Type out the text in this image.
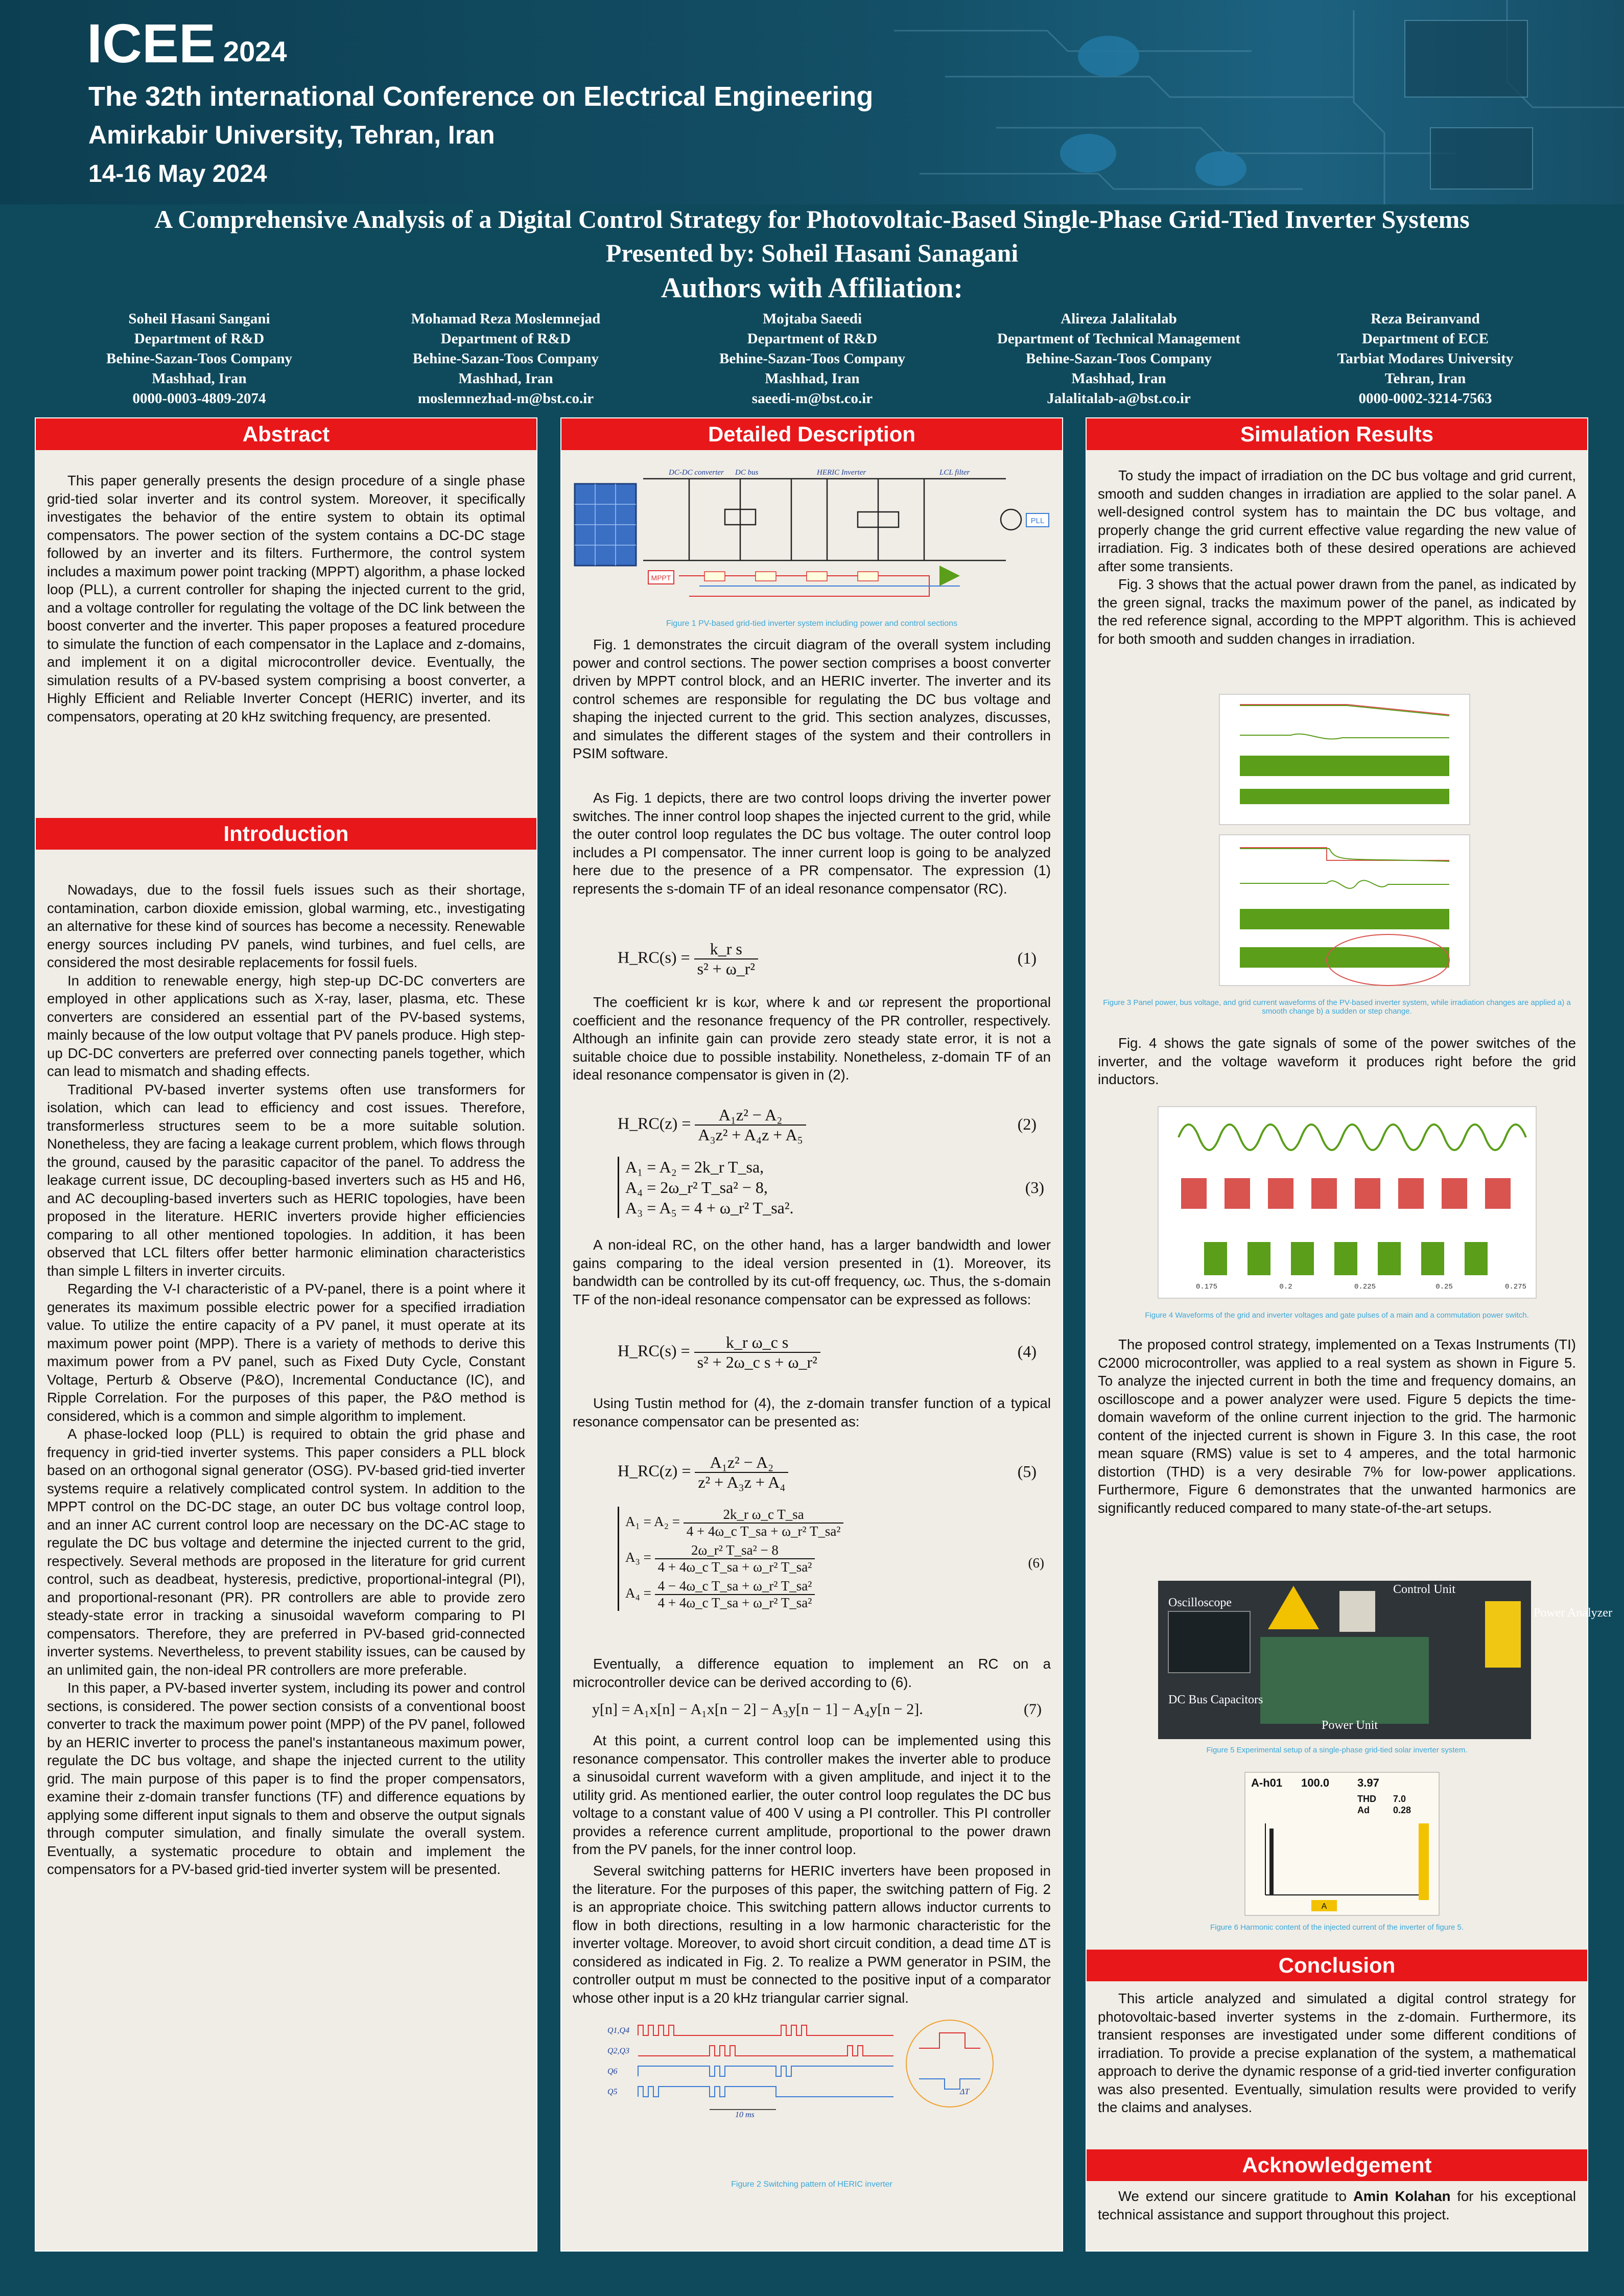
ICEE 2024
The 32th international Conference on Electrical Engineering
Amirkabir University, Tehran, Iran
14-16 May 2024
A Comprehensive Analysis of a Digital Control Strategy for Photovoltaic-Based Single-Phase Grid-Tied Inverter Systems
Presented by: Soheil Hasani Sanagani
Authors with Affiliation:
Soheil Hasani Sangani
Department of R&D
Behine-Sazan-Toos Company
Mashhad, Iran
0000-0003-4809-2074
Mohamad Reza Moslemnejad
Department of R&D
Behine-Sazan-Toos Company
Mashhad, Iran
moslemnezhad-m@bst.co.ir
Mojtaba Saeedi
Department of R&D
Behine-Sazan-Toos Company
Mashhad, Iran
saeedi-m@bst.co.ir
Alireza Jalalitalab
Department of Technical Management
Behine-Sazan-Toos Company
Mashhad, Iran
Jalalitalab-a@bst.co.ir
Reza Beiranvand
Department of ECE
Tarbiat Modares University
Tehran, Iran
0000-0002-3214-7563
Abstract

This paper generally presents the design procedure of a single phase grid-tied solar inverter and its control system. Moreover, it specifically investigates the behavior of the entire system to obtain its optimal compensators. The power section of the system contains a DC-DC stage followed by an inverter and its filters. Furthermore, the control system includes a maximum power point tracking (MPPT) algorithm, a phase locked loop (PLL), a current controller for shaping the injected current to the grid, and a voltage controller for regulating the voltage of the DC link between the boost converter and the inverter. This paper proposes a featured procedure to simulate the function of each compensator in the Laplace and z-domains, and implement it on a digital microcontroller device. Eventually, the simulation results of a PV-based system comprising a boost converter, a Highly Efficient and Reliable Inverter Concept (HERIC) inverter, and its compensators, operating at 20 kHz switching frequency, are presented.

Introduction

Nowadays, due to the fossil fuels issues such as their shortage, contamination, carbon dioxide emission, global warming, etc., investigating an alternative for these kind of sources has become a necessity. Renewable energy sources including PV panels, wind turbines, and fuel cells, are considered the most desirable replacements for fossil fuels.

In addition to renewable energy, high step-up DC-DC converters are employed in other applications such as X-ray, laser, plasma, etc. These converters are considered an essential part of the PV-based systems, mainly because of the low output voltage that PV panels produce. High step-up DC-DC converters are preferred over connecting panels together, which can lead to mismatch and shading effects.

Traditional PV-based inverter systems often use transformers for isolation, which can lead to efficiency and cost issues. Therefore, transformerless structures seem to be a more suitable solution. Nonetheless, they are facing a leakage current problem, which flows through the ground, caused by the parasitic capacitor of the panel. To address the leakage current issue, DC decoupling-based inverters such as H5 and H6, and AC decoupling-based inverters such as HERIC topologies, have been proposed in the literature. HERIC inverters provide higher efficiencies comparing to all other mentioned topologies. In addition, it has been observed that LCL filters offer better harmonic elimination characteristics than simple L filters in inverter circuits.

Regarding the V-I characteristic of a PV-panel, there is a point where it generates its maximum possible electric power for a specified irradiation value. To utilize the entire capacity of a PV panel, it must operate at its maximum power point (MPP). There is a variety of methods to derive this maximum power from a PV panel, such as Fixed Duty Cycle, Constant Voltage, Perturb & Observe (P&O), Incremental Conductance (IC), and Ripple Correlation. For the purposes of this paper, the P&O method is considered, which is a common and simple algorithm to implement.

A phase-locked loop (PLL) is required to obtain the grid phase and frequency in grid-tied inverter systems. This paper considers a PLL block based on an orthogonal signal generator (OSG). PV-based grid-tied inverter systems require a relatively complicated control system. In addition to the MPPT control on the DC-DC stage, an outer DC bus voltage control loop, and an inner AC current control loop are necessary on the DC-AC stage to regulate the DC bus voltage and determine the injected current to the grid, respectively. Several methods are proposed in the literature for grid current control, such as deadbeat, hysteresis, predictive, proportional-integral (PI), and proportional-resonant (PR). PR controllers are able to provide zero steady-state error in tracking a sinusoidal waveform comparing to PI compensators. Therefore, they are preferred in PV-based grid-connected inverter systems. Nevertheless, to prevent stability issues, can be caused by an unlimited gain, the non-ideal PR controllers are more preferable.

In this paper, a PV-based inverter system, including its power and control sections, is considered. The power section consists of a conventional boost converter to track the maximum power point (MPP) of the PV panel, followed by an HERIC inverter to process the panel's instantaneous maximum power, regulate the DC bus voltage, and shape the injected current to the utility grid. The main purpose of this paper is to find the proper compensators, examine their z-domain transfer functions (TF) and difference equations by applying some different input signals to them and observe the output signals through computer simulation, and finally simulate the overall system. Eventually, a systematic procedure to obtain and implement the compensators for a PV-based grid-tied inverter system will be presented.

Detailed Description
PLL
MPPT
DC-DC converter DC bus	HERIC Inverter	LCL filter
Figure 1 PV-based grid-tied inverter system including power and control sections

Fig. 1 demonstrates the circuit diagram of the overall system including power and control sections. The power section comprises a boost converter driven by MPPT control block, and an HERIC inverter. The inverter and its control schemes are responsible for regulating the DC bus voltage and shaping the injected current to the grid. This section analyzes, discusses, and simulates the different stages of the system and their controllers in PSIM software.

As Fig. 1 depicts, there are two control loops driving the inverter power switches. The inner control loop shapes the injected current to the grid, while the outer control loop regulates the DC bus voltage. The outer control loop includes a PI compensator. The inner current loop is going to be analyzed here due to the presence of a PR compensator. The expression (1) represents the s-domain TF of an ideal resonance compensator (RC).

H_RC(s) = $\frac{\text{k\_r s}}{\text{s² + ω\_r²}}$	(1)

The coefficient kr is kωr, where k and ωr represent the proportional coefficient and the resonance frequency of the PR controller, respectively. Although an infinite gain can provide zero steady state error, it is not a suitable choice due to possible instability. Nonetheless, z-domain TF of an ideal resonance compensator is given in (2).

H_RC(z) = $\frac{\text{A₁z² − A₂}}{\text{A₃z² + A₄z + A₅}}$	(2)
A₁ = A₂ = 2k_r T_sa,
A₄ = 2ω_r² T_sa² − 8,
A₃ = A₅ = 4 + ω_r² T_sa².
(3)

A non-ideal RC, on the other hand, has a larger bandwidth and lower gains comparing to the ideal version presented in (1). Moreover, its bandwidth can be controlled by its cut-off frequency, ωc. Thus, the s-domain TF of the non-ideal resonance compensator can be expressed as follows:

H_RC(s) = $\frac{\text{k\_r ω\_c s}}{\text{s² + 2ω\_c s + ω\_r²}}$	(4)

Using Tustin method for (4), the z-domain transfer function of a typical resonance compensator can be presented as:

H_RC(z) = $\frac{\text{A₁z² − A₂}}{\text{z² + A₃z + A₄}}$	(5)
$A_1 = A_2 = \frac{\text{2k\_r ω\_c T\_sa}}{\text{4 + 4ω\_c T\_sa + ω\_r² T\_sa²}}$
$A_3 = \frac{\text{2ω\_r² T\_sa² − 8}}{\text{4 + 4ω\_c T\_sa + ω\_r² T\_sa²}}$
$A_4 = \frac{\text{4 − 4ω\_c T\_sa + ω\_r² T\_sa²}}{\text{4 + 4ω\_c T\_sa + ω\_r² T\_sa²}}$
(6)

Eventually, a difference equation to implement an RC on a microcontroller device can be derived according to (6).

y[n] = A₁x[n] − A₁x[n − 2] − A₃y[n − 1] − A₄y[n − 2].	(7)

At this point, a current control loop can be implemented using this resonance compensator. This controller makes the inverter able to produce a sinusoidal current waveform with a given amplitude, and inject it to the utility grid. As mentioned earlier, the outer control loop regulates the DC bus voltage to a constant value of 400 V using a PI controller. This PI controller provides a reference current amplitude, proportional to the power drawn from the PV panels, for the inner control loop.

Several switching patterns for HERIC inverters have been proposed in the literature. For the purposes of this paper, the switching pattern of Fig. 2 is an appropriate choice. This switching pattern allows inductor currents to flow in both directions, resulting in a low harmonic characteristic for the inverter voltage. Moreover, to avoid short circuit condition, a dead time ΔT is considered as indicated in Fig. 2. To realize a PWM generator in PSIM, the controller output m must be connected to the positive input of a comparator whose other input is a 20 kHz triangular carrier signal.

Q1,Q4
Q2,Q3
Q6
Q5
10 ms
ΔT
Figure 2 Switching pattern of HERIC inverter
Simulation Results

To study the impact of irradiation on the DC bus voltage and grid current, smooth and sudden changes in irradiation are applied to the solar panel. A well-designed control system has to maintain the DC bus voltage, and properly change the grid current effective value regarding the new value of irradiation. Fig. 3 indicates both of these desired operations are achieved after some transients.

Fig. 3 shows that the actual power drawn from the panel, as indicated by the green signal, tracks the maximum power of the panel, as indicated by the red reference signal, according to the MPPT algorithm. This is achieved for both smooth and sudden changes in irradiation.

Figure 3 Panel power, bus voltage, and grid current waveforms of the PV-based inverter system, while irradiation changes are applied a) a smooth change b) a sudden or step change.

Fig. 4 shows the gate signals of some of the power switches of the inverter, and the voltage waveform it produces right before the grid inductors.

0.175	0.2	0.225	0.25	0.275
Figure 4 Waveforms of the grid and inverter voltages and gate pulses of a main and a commutation power switch.

The proposed control strategy, implemented on a Texas Instruments (TI) C2000 microcontroller, was applied to a real system as shown in Figure 5. To analyze the injected current in both the time and frequency domains, an oscilloscope and a power analyzer were used. Figure 5 depicts the time-domain waveform of the online current injection to the grid. The harmonic content of the injected current is shown in Figure 3. In this case, the root mean square (RMS) value is set to 4 amperes, and the total harmonic distortion (THD) is a very desirable 7% for low-power applications. Furthermore, Figure 6 demonstrates that the unwanted harmonics are significantly reduced compared to many state-of-the-art setups.

Oscilloscope
Control Unit
DC Bus Capacitors
Power Unit
Power Analyzer
Figure 5 Experimental setup of a single-phase grid-tied solar inverter system.
A-h01 100.0 3.97
THD 7.0
Ad	0.28
A
Figure 6 Harmonic content of the injected current of the inverter of figure 5.
Conclusion

This article analyzed and simulated a digital control strategy for photovoltaic-based inverter systems in the z-domain. Furthermore, its transient responses are investigated under some different conditions of irradiation. To provide a precise explanation of the system, a mathematical approach to derive the dynamic response of a grid-tied inverter configuration was also presented. Eventually, simulation results were provided to verify the claims and analyses.

Acknowledgement

We extend our sincere gratitude to Amin Kolahan for his exceptional technical assistance and support throughout this project.
